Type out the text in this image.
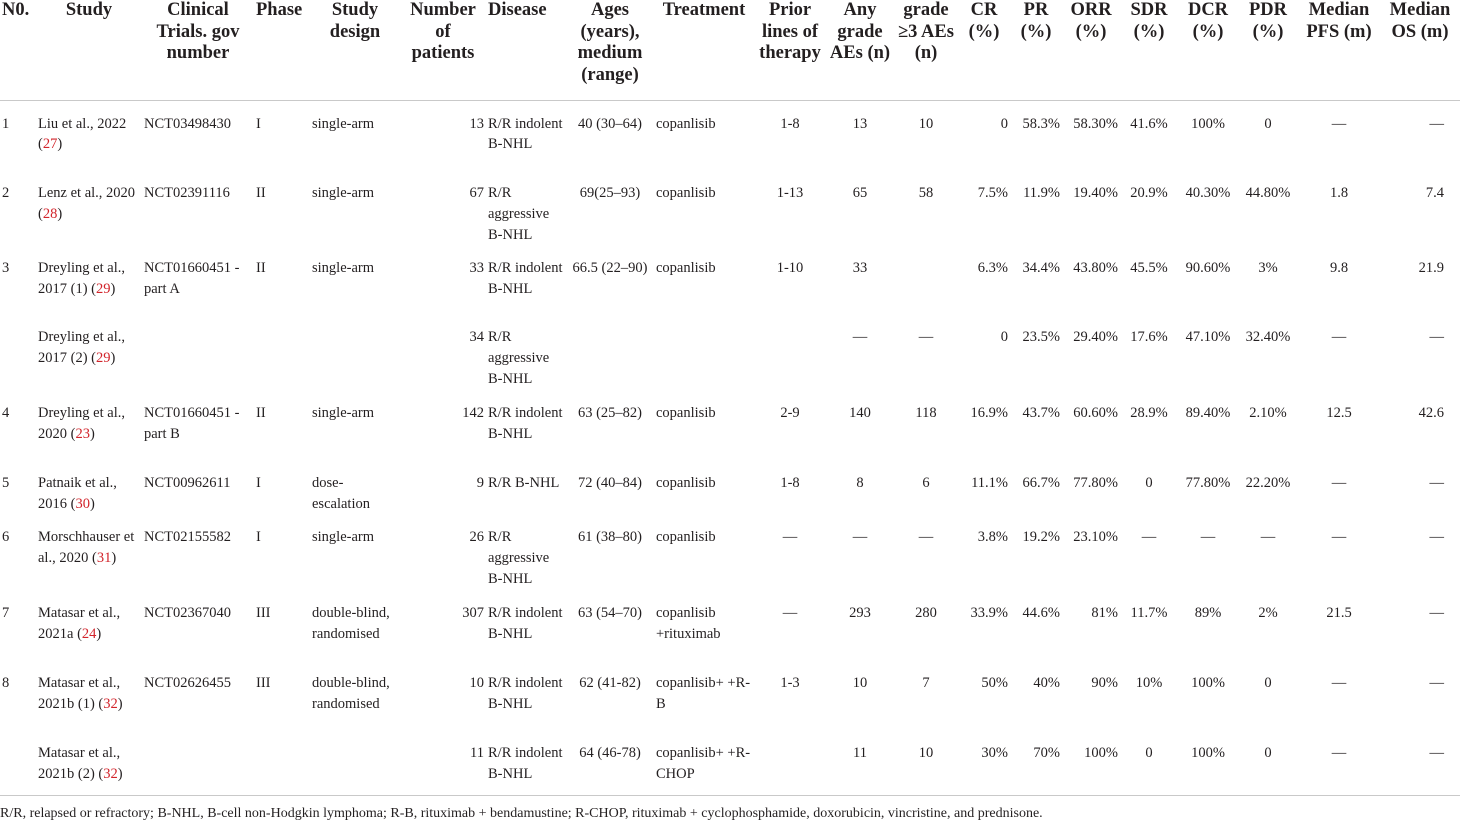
N0.	Study	Clinical Trials. gov number	Phase	Study design	Number of patients	Disease	Ages (years), medium (range)	Treatment	Prior lines of therapy	Any grade AEs (n)	grade ≥3 AEs (n)	CR (%)	PR (%)	ORR (%)	SDR (%)	DCR (%)	PDR (%)	Median PFS (m)	Median OS (m)
1	Liu et al., 2022 (27)	NCT03498430	I	single-arm	13	R/R indolent B-NHL	40 (30–64)	copanlisib	1-8	13	10	0	58.3%	58.30%	41.6%	100%	0	—	—
2	Lenz et al., 2020 (28)	NCT02391116	II	single-arm	67	R/R aggressive B-NHL	69(25–93)	copanlisib	1-13	65	58	7.5%	11.9%	19.40%	20.9%	40.30%	44.80%	1.8	7.4
3	Dreyling et al., 2017 (1) (29)	NCT01660451 -part A	II	single-arm	33	R/R indolent B-NHL	66.5 (22–90)	copanlisib	1-10	33		6.3%	34.4%	43.80%	45.5%	90.60%	3%	9.8	21.9
	Dreyling et al., 2017 (2) (29)				34	R/R aggressive B-NHL				—	—	0	23.5%	29.40%	17.6%	47.10%	32.40%	—	—
4	Dreyling et al., 2020 (23)	NCT01660451 -part B	II	single-arm	142	R/R indolent B-NHL	63 (25–82)	copanlisib	2-9	140	118	16.9%	43.7%	60.60%	28.9%	89.40%	2.10%	12.5	42.6
5	Patnaik et al., 2016 (30)	NCT00962611	I	dose-escalation	9	R/R B-NHL	72 (40–84)	copanlisib	1-8	8	6	11.1%	66.7%	77.80%	0	77.80%	22.20%	—	—
6	Morschhauser et al., 2020 (31)	NCT02155582	I	single-arm	26	R/R aggressive B-NHL	61 (38–80)	copanlisib	—	—	—	3.8%	19.2%	23.10%	—	—	—	—	—
7	Matasar et al., 2021a (24)	NCT02367040	III	double-blind, randomised	307	R/R indolent B-NHL	63 (54–70)	copanlisib +rituximab	—	293	280	33.9%	44.6%	81%	11.7%	89%	2%	21.5	—
8	Matasar et al., 2021b (1) (32)	NCT02626455	III	double-blind, randomised	10	R/R indolent B-NHL	62 (41-82)	copanlisib+ +R-B	1-3	10	7	50%	40%	90%	10%	100%	0	—	—
	Matasar et al., 2021b (2) (32)				11	R/R indolent B-NHL	64 (46-78)	copanlisib+ +R-CHOP		11	10	30%	70%	100%	0	100%	0	—	—
R/R, relapsed or refractory; B-NHL, B-cell non-Hodgkin lymphoma; R-B, rituximab + bendamustine; R-CHOP, rituximab + cyclophosphamide, doxorubicin, vincristine, and prednisone.
